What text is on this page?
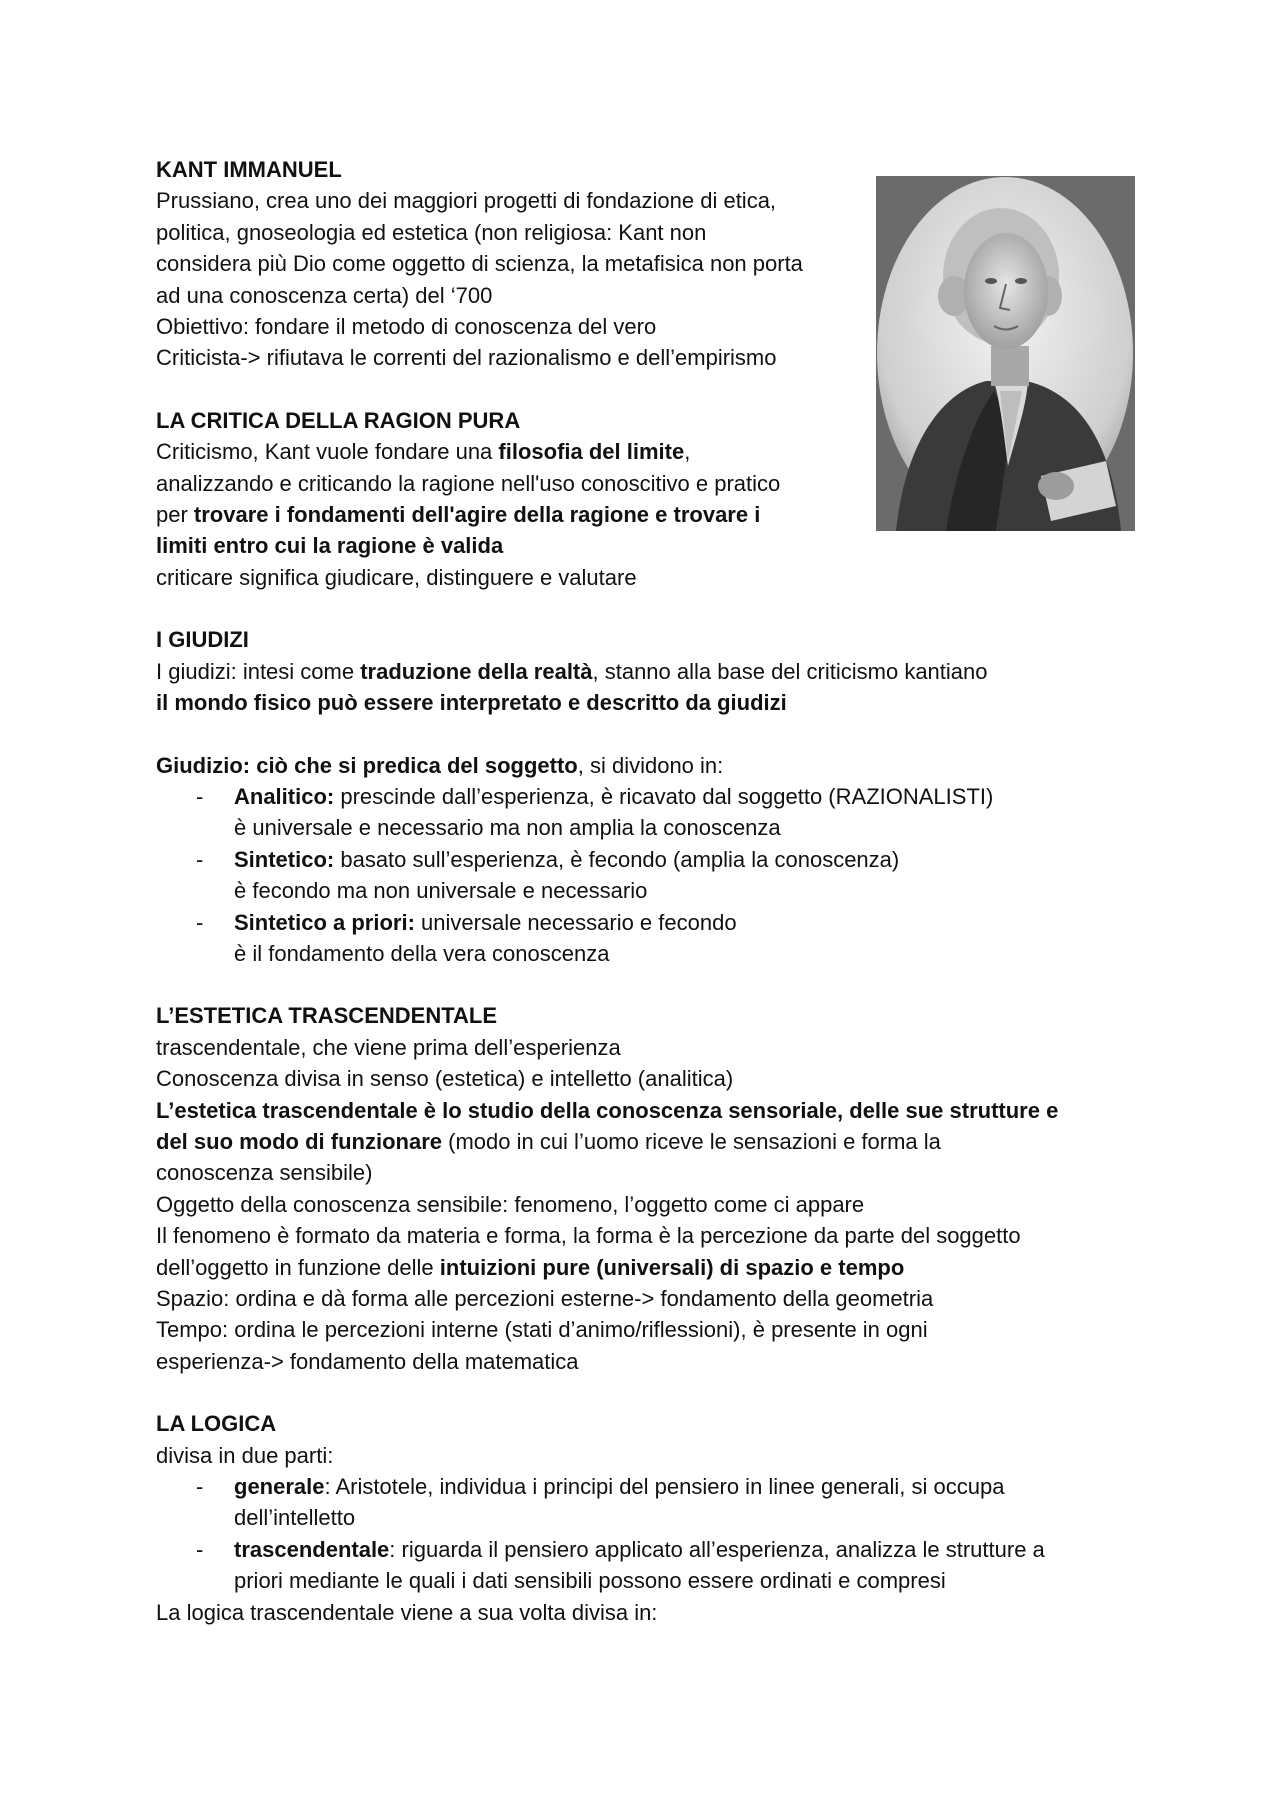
KANT IMMANUEL
Prussiano, crea uno dei maggiori progetti di fondazione di etica,
politica, gnoseologia ed estetica (non religiosa: Kant non
considera più Dio come oggetto di scienza, la metafisica non porta
ad una conoscenza certa) del ‘700
Obiettivo: fondare il metodo di conoscenza del vero
Criticista-> rifiutava le correnti del razionalismo e dell’empirismo
LA CRITICA DELLA RAGION PURA
Criticismo, Kant vuole fondare una filosofia del limite,
analizzando e criticando la ragione nell'uso conoscitivo e pratico
per trovare i fondamenti dell'agire della ragione e trovare i
limiti entro cui la ragione è valida
criticare significa giudicare, distinguere e valutare
I GIUDIZI
I giudizi: intesi come traduzione della realtà, stanno alla base del criticismo kantiano
il mondo fisico può essere interpretato e descritto da giudizi
Giudizio: ciò che si predica del soggetto, si dividono in:
- Analitico: prescinde dall’esperienza, è ricavato dal soggetto (RAZIONALISTI)
è universale e necessario ma non amplia la conoscenza
- Sintetico: basato sull’esperienza, è fecondo (amplia la conoscenza)
è fecondo ma non universale e necessario
- Sintetico a priori: universale necessario e fecondo
è il fondamento della vera conoscenza
L’ESTETICA TRASCENDENTALE
trascendentale, che viene prima dell’esperienza
Conoscenza divisa in senso (estetica) e intelletto (analitica)
L’estetica trascendentale è lo studio della conoscenza sensoriale, delle sue strutture e
del suo modo di funzionare (modo in cui l’uomo riceve le sensazioni e forma la
conoscenza sensibile)
Oggetto della conoscenza sensibile: fenomeno, l’oggetto come ci appare
Il fenomeno è formato da materia e forma, la forma è la percezione da parte del soggetto
dell’oggetto in funzione delle intuizioni pure (universali) di spazio e tempo
Spazio: ordina e dà forma alle percezioni esterne-> fondamento della geometria
Tempo: ordina le percezioni interne (stati d’animo/riflessioni), è presente in ogni
esperienza-> fondamento della matematica
LA LOGICA
divisa in due parti:
- generale: Aristotele, individua i principi del pensiero in linee generali, si occupa
dell’intelletto
- trascendentale: riguarda il pensiero applicato all’esperienza, analizza le strutture a
priori mediante le quali i dati sensibili possono essere ordinati e compresi
La logica trascendentale viene a sua volta divisa in:
